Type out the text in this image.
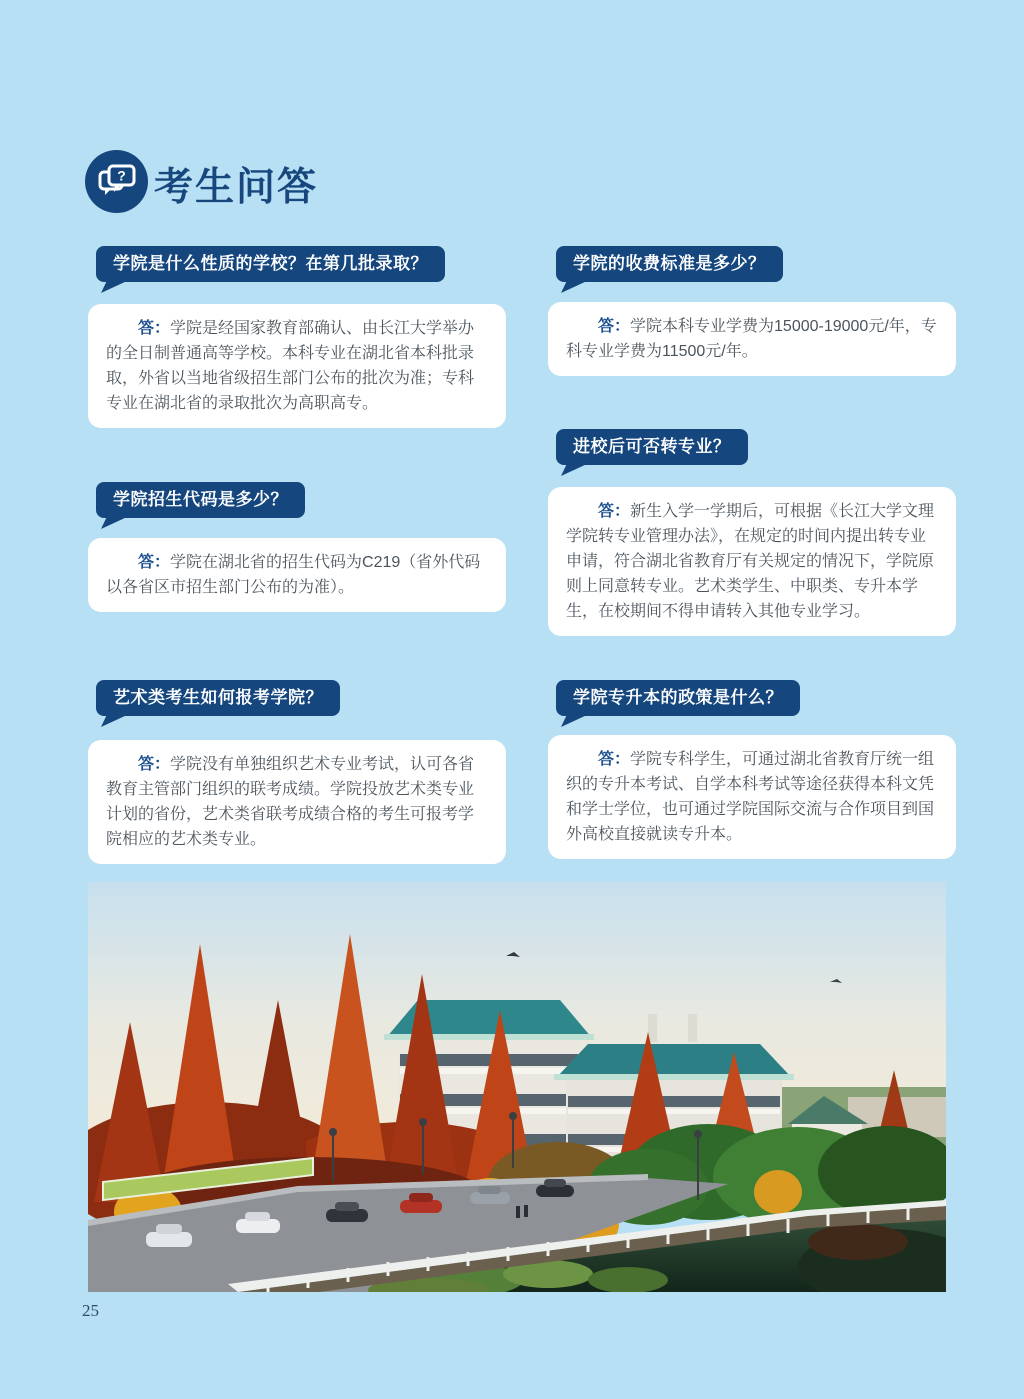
? 考生问答
学院是什么性质的学校？在第几批录取？

答：学院是经国家教育部确认、由长江大学举办的全日制普通高等学校。本科专业在湖北省本科批录取，外省以当地省级招生部门公布的批次为准；专科专业在湖北省的录取批次为高职高专。

学院招生代码是多少？

答：学院在湖北省的招生代码为C219（省外代码以各省区市招生部门公布的为准）。

艺术类考生如何报考学院？

答：学院没有单独组织艺术专业考试，认可各省教育主管部门组织的联考成绩。学院投放艺术类专业计划的省份，艺术类省联考成绩合格的考生可报考学院相应的艺术类专业。

学院的收费标准是多少？

答：学院本科专业学费为15000-19000元/年，专科专业学费为11500元/年。

进校后可否转专业？

答：新生入学一学期后，可根据《长江大学文理学院转专业管理办法》，在规定的时间内提出转专业申请，符合湖北省教育厅有关规定的情况下，学院原则上同意转专业。艺术类学生、中职类、专升本学生，在校期间不得申请转入其他专业学习。

学院专升本的政策是什么？

答：学院专科学生，可通过湖北省教育厅统一组织的专升本考试、自学本科考试等途径获得本科文凭和学士学位，也可通过学院国际交流与合作项目到国外高校直接就读专升本。

25
